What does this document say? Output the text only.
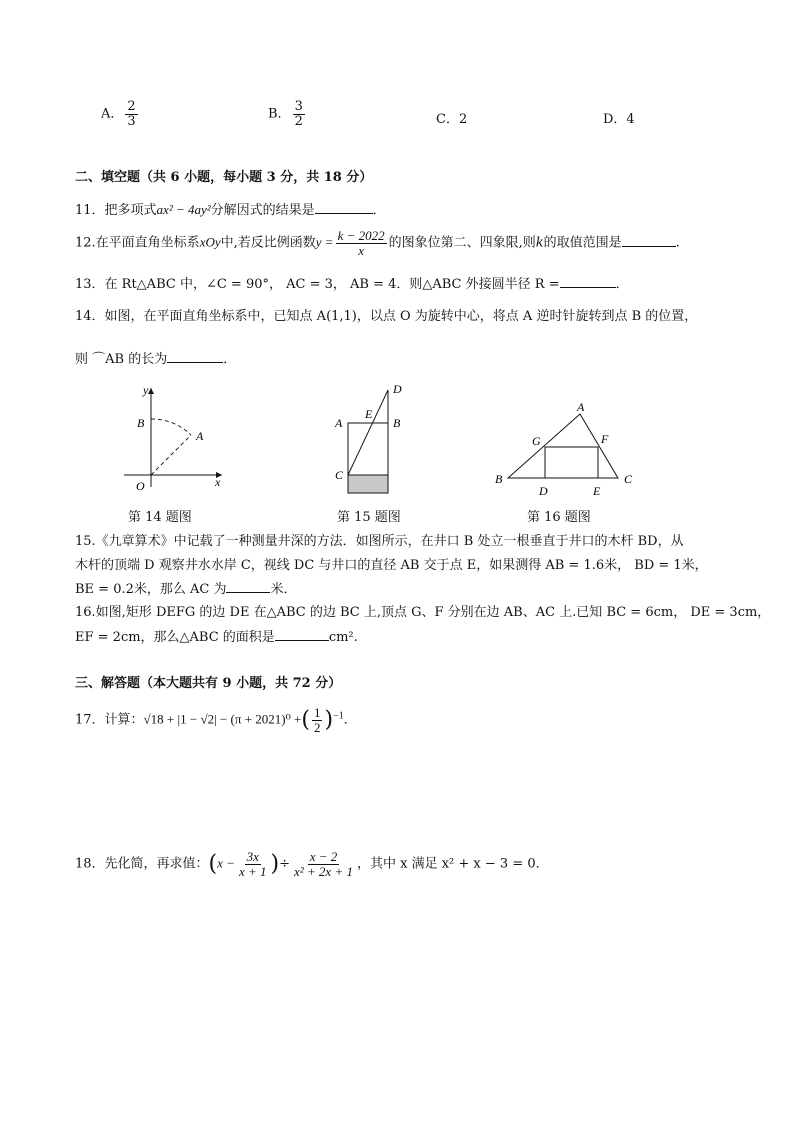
A． $\frac{2}{3}$	B． $\frac{3}{2}$	C．2	D．4
二、填空题（共 6 小题，每小题 3 分，共 18 分）
11．把多项式ax² − 4ay²分解因式的结果是	．
12.在平面直角坐标系xOy中,若反比例函数$y = \frac{k - 2022}{x}$ 的图象位第二、四象限,则k的取值范围是	.
13．在 Rt△ABC 中，∠C = 90°， AC = 3， AB = 4．则△ABC 外接圆半径 R =	．
14．如图，在平面直角坐标系中，已知点 A(1,1)，以点 O 为旋转中心，将点 A 逆时针旋转到点 B 的位置，
则 ⌒AB 的长为	．
y
x
O
A
B
第 14 题图
A	B
C
D
E
第 15 题图
A
B	C
D	E
F
G
第 16 题图
15.《九章算术》中记载了一种测量井深的方法．如图所示，在井口 B 处立一根垂直于井口的木杆 BD，从
木杆的顶端 D 观察井水水岸 C，视线 DC 与井口的直径 AB 交于点 E，如果测得 AB = 1.6米， BD = 1米，
BE = 0.2米，那么 AC 为	米．
16.如图,矩形 DEFG 的边 DE 在△ABC 的边 BC 上,顶点 G、F 分别在边 AB、AC 上.已知 BC = 6cm， DE = 3cm，
EF = 2cm，那么△ABC 的面积是	cm².
三、解答题（本大题共有 9 小题，共 72 分）
17．计算：√18 + |1 − √2| − (π + 2021)⁰ +( $\frac{1}{2} )^{-1}$．
18．先化简，再求值：($x - \frac{3x}{x + 1}$ )÷ $\frac{x - 2}{\text{x² + 2x + 1}}$ ，其中 x 满足 x² + x − 3 = 0．
